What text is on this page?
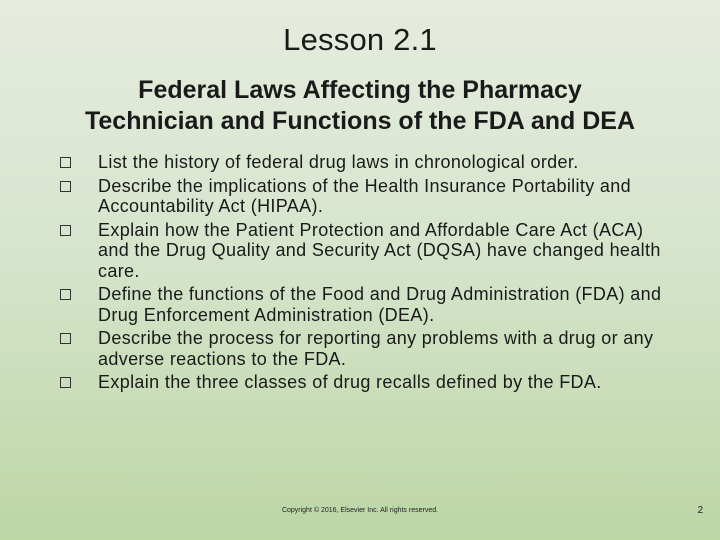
Lesson 2.1
Federal Laws Affecting the Pharmacy
Technician and Functions of the FDA and DEA
List the history of federal drug laws in chronological order.
Describe the implications of the Health Insurance Portability and Accountability Act (HIPAA).
Explain how the Patient Protection and Affordable Care Act (ACA) and the Drug Quality and Security Act (DQSA) have changed health care.
Define the functions of the Food and Drug Administration (FDA) and Drug Enforcement Administration (DEA).
Describe the process for reporting any problems with a drug or any adverse reactions to the FDA.
Explain the three classes of drug recalls defined by the FDA.
Copyright © 2016, Elsevier Inc. All rights reserved.	2
